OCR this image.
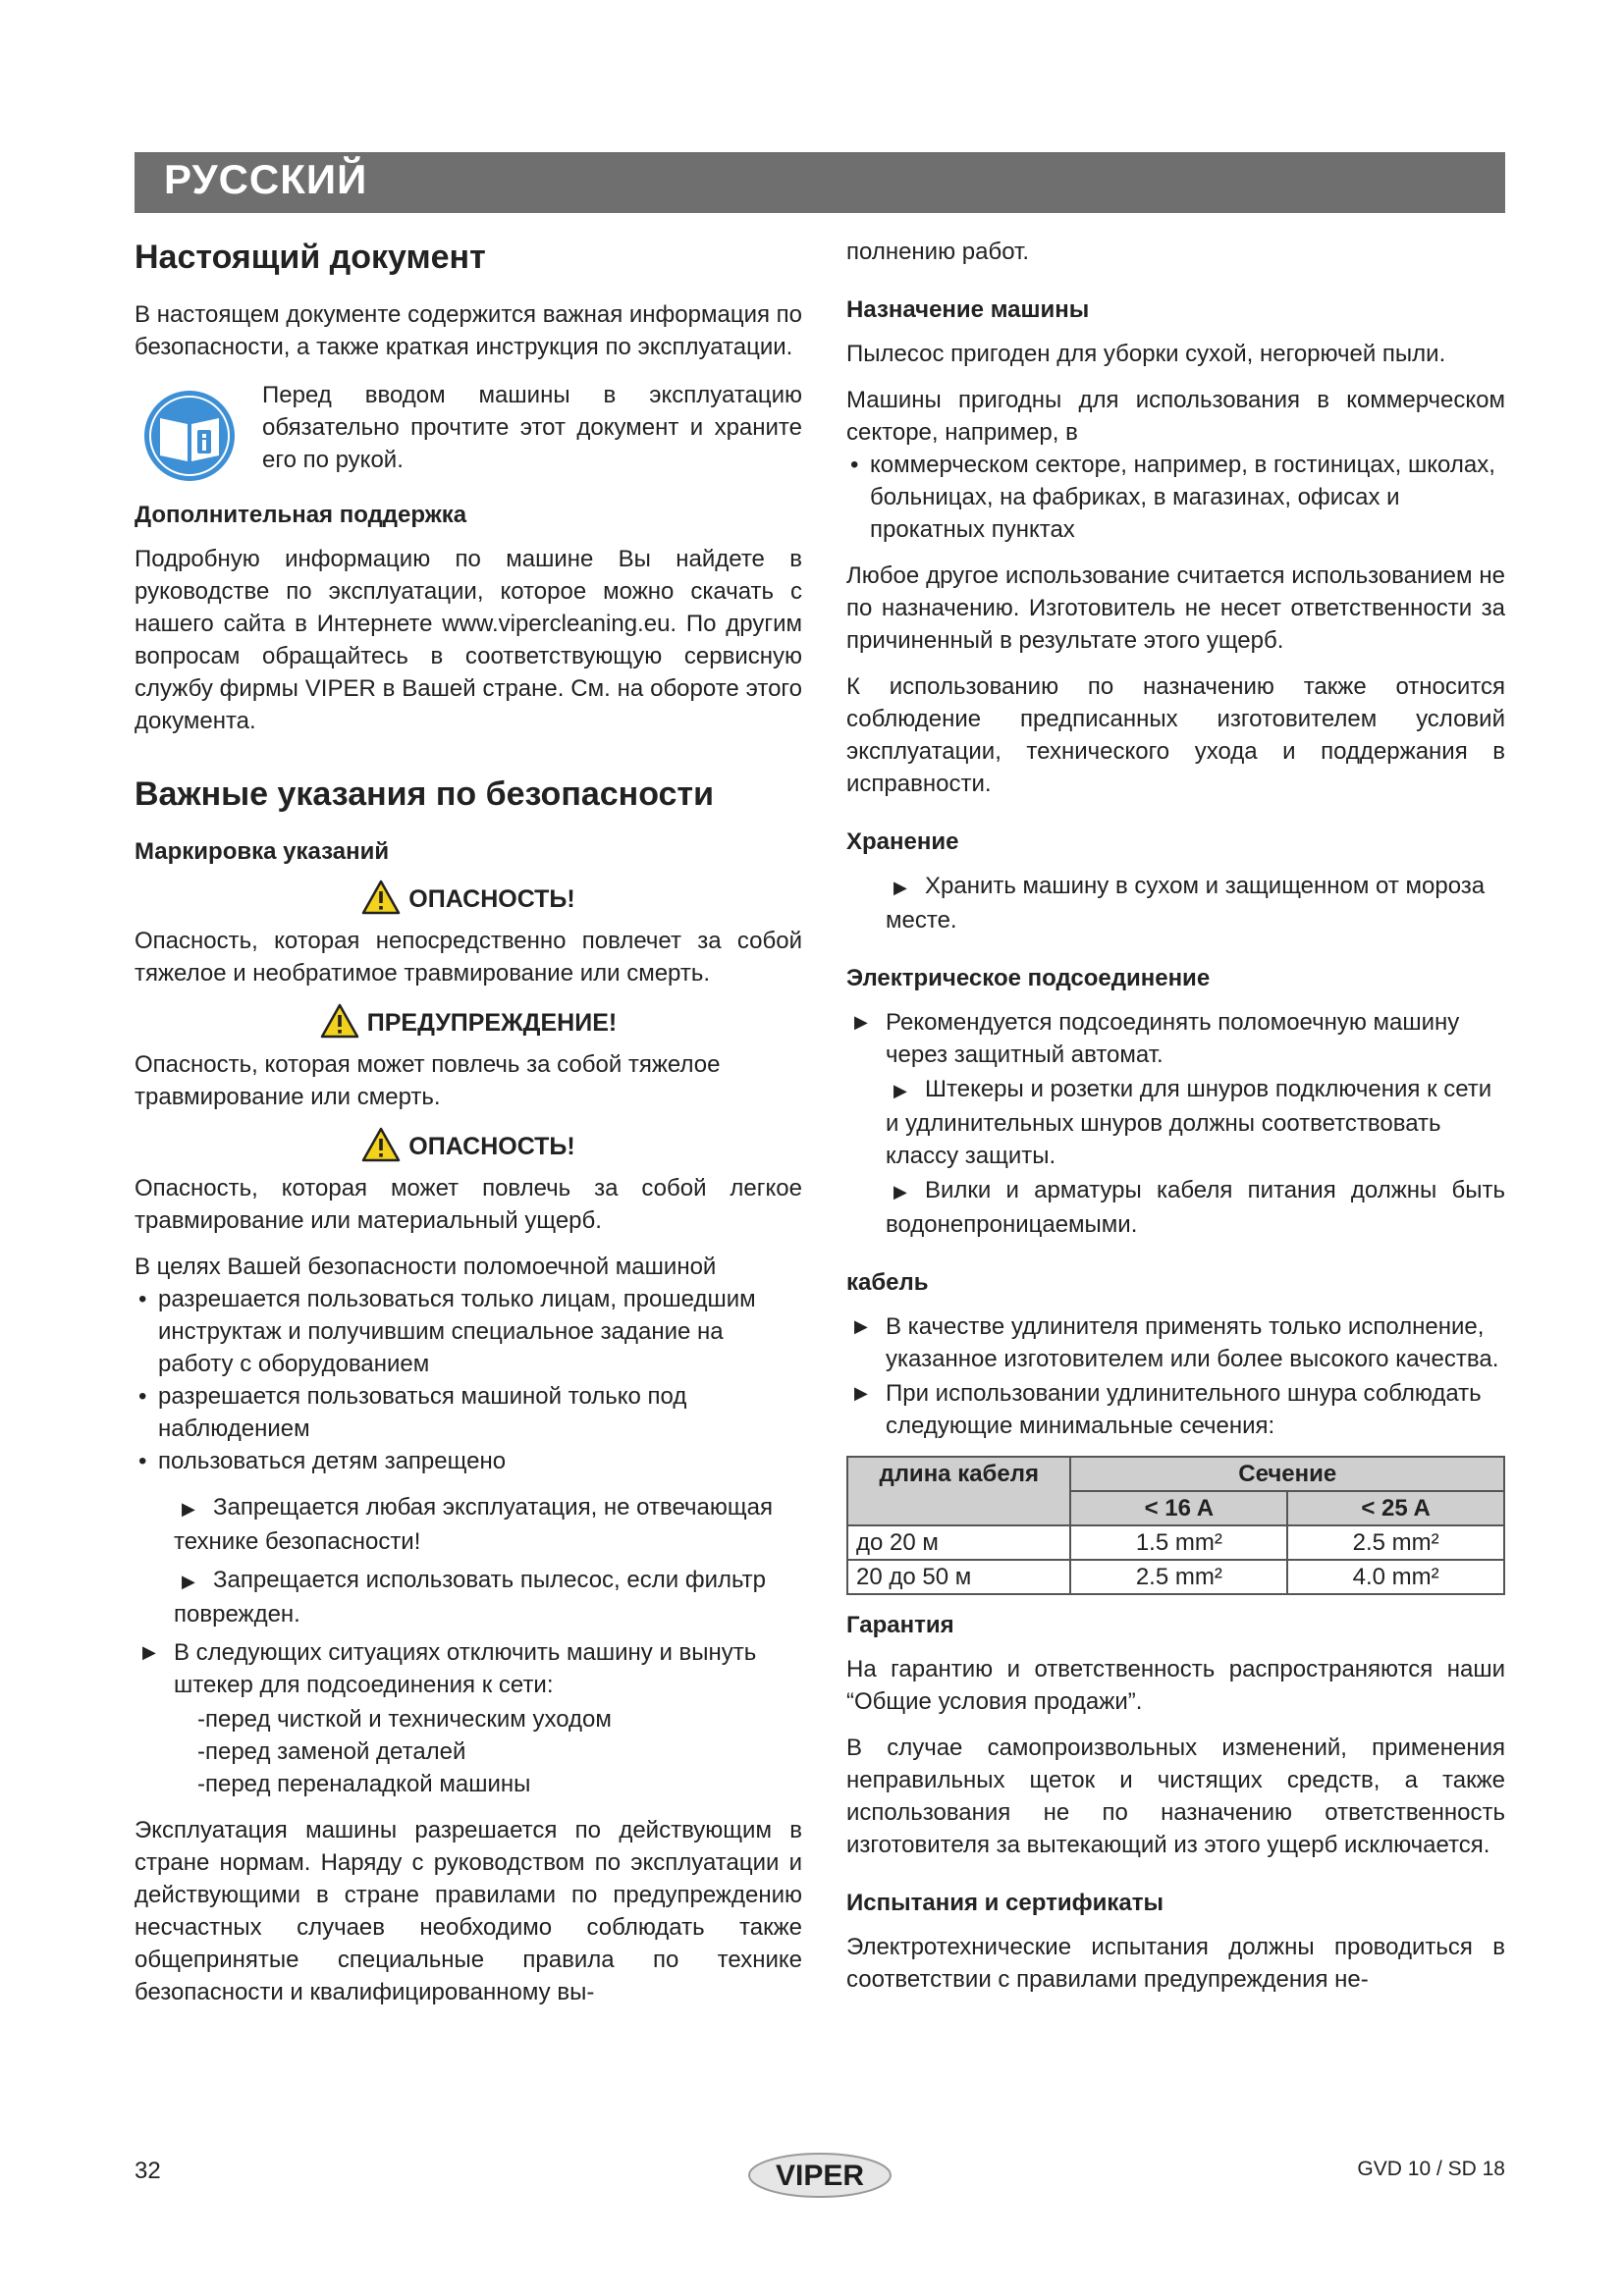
РУССКИЙ
Настоящий документ

В настоящем документе содержится важная информация по безопасности, а также краткая инструкция по эксплуатации.

Перед вводом машины в эксплуатацию обязательно прочтите этот документ и храните его по рукой.
Дополнительная поддержка

Подробную информацию по машине Вы найдете в руководстве по эксплуатации, которое можно скачать с нашего сайта в Интернете www.vipercleaning.eu. По другим вопросам обращайтесь в соответствующую сервисную службу фирмы VIPER в Вашей стране. См. на обороте этого документа.

Важные указания по безопасности
Маркировка указаний
ОПАСНОСТЬ!

Опасность, которая непосредственно повлечет за собой тяжелое и необратимое травмирование или смерть.

ПРЕДУПРЕЖДЕНИЕ!

Опасность, которая может повлечь за собой тяжелое травмирование или смерть.

ОПАСНОСТЬ!

Опасность, которая может повлечь за собой легкое травмирование или материальный ущерб.

В целях Вашей безопасности поломоечной машиной

• разрешается пользоваться только лицам, прошедшим инструктаж и получившим специальное задание на работу с оборудованием
• разрешается пользоваться машиной только под наблюдением
• пользоваться детям запрещено
▶ Запрещается любая эксплуатация, не отвечающая технике безопасности!
▶ Запрещается использовать пылесос, если фильтр поврежден.
▶ В следующих ситуациях отключить машину и вынуть штекер для подсоединения к сети:
-перед чисткой и техническим уходом
-перед заменой деталей
-перед переналадкой машины

Эксплуатация машины разрешается по действующим в стране нормам. Наряду с руководством по эксплуатации и действующими в стране правилами по предупреждению несчастных случаев необходимо соблюдать также общепринятые специальные правила по технике безопасности и квалифицированному вы-

полнению работ.

Назначение машины

Пылесос пригоден для уборки сухой, негорючей пыли.

Машины пригодны для использования в коммерческом секторе, например, в

• коммерческом секторе, например, в гостиницах, школах, больницах, на фабриках, в магазинах, офисах и прокатных пунктах

Любое другое использование считается использованием не по назначению. Изготовитель не несет ответственности за причиненный в результате этого ущерб.

К использованию по назначению также относится соблюдение предписанных изготовителем условий эксплуатации, технического ухода и поддержания в исправности.

Хранение
▶ Хранить машину в сухом и защищенном от мороза месте.
Электрическое подсоединение
▶ Рекомендуется подсоединять поломоечную машину через защитный автомат.
▶ Штекеры и розетки для шнуров подключения к сети и удлинительных шнуров должны соответствовать классу защиты.
▶ Вилки и арматуры кабеля питания должны быть водонепроницаемыми.
кабель
▶ В качестве удлинителя применять только исполнение, указанное изготовителем или более высокого качества.
▶ При использовании удлинительного шнура соблюдать следующие минимальные сечения:
длина кабеля	Сечение	
	< 16 A	< 25 A
до 20 м	1.5 mm²	2.5 mm²
20 до 50 м	2.5 mm²	4.0 mm²
Гарантия

На гарантию и ответственность распространяются наши “Общие условия продажи”.

В случае самопроизвольных изменений, применения неправильных щеток и чистящих средств, а также использования не по назначению ответственность изготовителя за вытекающий из этого ущерб исключается.

Испытания и сертификаты

Электротехнические испытания должны проводиться в соответствии с правилами предупреждения не-

32	VIPER	GVD 10 / SD 18
